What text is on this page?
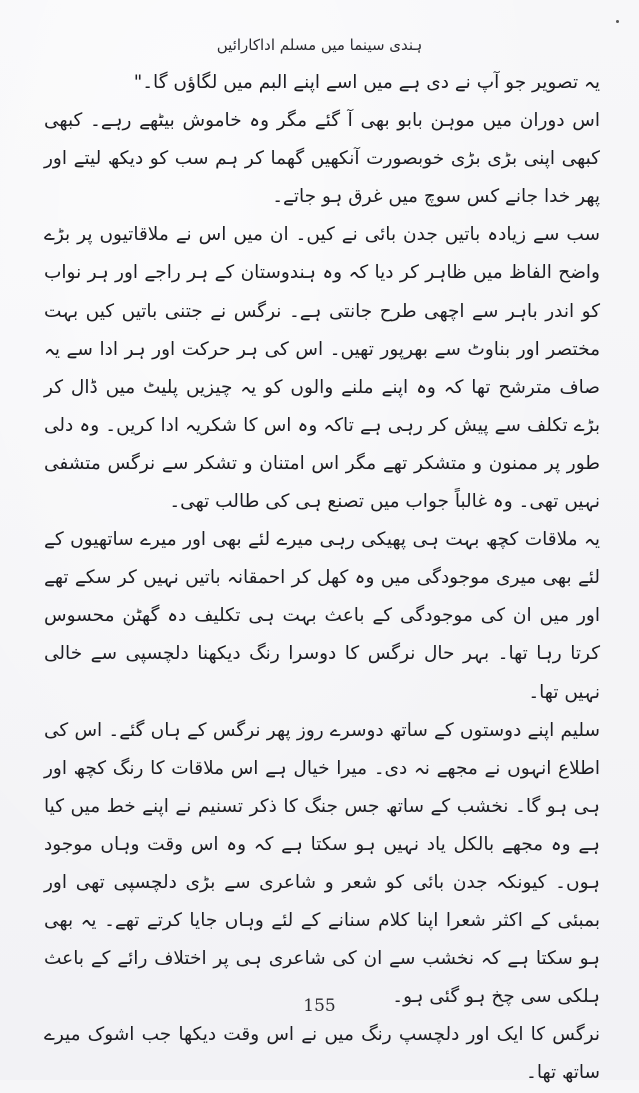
ہندی سینما میں مسلم اداکارائیں

یہ تصویر جو آپ نے دی ہے میں اسے اپنے البم میں لگاؤں گا۔"

اس دوران میں موہن بابو بھی آ گئے مگر وہ خاموش بیٹھے رہے۔ کبھی کبھی اپنی بڑی بڑی خوبصورت آنکھیں گھما کر ہم سب کو دیکھ لیتے اور پھر خدا جانے کس سوچ میں غرق ہو جاتے۔

سب سے زیادہ باتیں جدن بائی نے کیں۔ ان میں اس نے ملاقاتیوں پر بڑے واضح الفاظ میں ظاہر کر دیا کہ وہ ہندوستان کے ہر راجے اور ہر نواب کو اندر باہر سے اچھی طرح جانتی ہے۔ نرگس نے جتنی باتیں کیں بہت مختصر اور بناوٹ سے بھرپور تھیں۔ اس کی ہر حرکت اور ہر ادا سے یہ صاف مترشح تھا کہ وہ اپنے ملنے والوں کو یہ چیزیں پلیٹ میں ڈال کر بڑے تکلف سے پیش کر رہی ہے تاکہ وہ اس کا شکریہ ادا کریں۔ وہ دلی طور پر ممنون و متشکر تھے مگر اس امتنان و تشکر سے نرگس متشفی نہیں تھی۔ وہ غالباً جواب میں تصنع ہی کی طالب تھی۔

یہ ملاقات کچھ بہت ہی پھیکی رہی میرے لئے بھی اور میرے ساتھیوں کے لئے بھی میری موجودگی میں وہ کھل کر احمقانہ باتیں نہیں کر سکے تھے اور میں ان کی موجودگی کے باعث بہت ہی تکلیف دہ گھٹن محسوس کرتا رہا تھا۔ بہر حال نرگس کا دوسرا رنگ دیکھنا دلچسپی سے خالی نہیں تھا۔

سلیم اپنے دوستوں کے ساتھ دوسرے روز پھر نرگس کے ہاں گئے۔ اس کی اطلاع انہوں نے مجھے نہ دی۔ میرا خیال ہے اس ملاقات کا رنگ کچھ اور ہی ہو گا۔ نخشب کے ساتھ جس جنگ کا ذکر تسنیم نے اپنے خط میں کیا ہے وہ مجھے بالکل یاد نہیں ہو سکتا ہے کہ وہ اس وقت وہاں موجود ہوں۔ کیونکہ جدن بائی کو شعر و شاعری سے بڑی دلچسپی تھی اور بمبئی کے اکثر شعرا اپنا کلام سنانے کے لئے وہاں جایا کرتے تھے۔ یہ بھی ہو سکتا ہے کہ نخشب سے ان کی شاعری ہی پر اختلاف رائے کے باعث ہلکی سی چخ ہو گئی ہو۔

نرگس کا ایک اور دلچسپ رنگ میں نے اس وقت دیکھا جب اشوک میرے ساتھ تھا۔

155
